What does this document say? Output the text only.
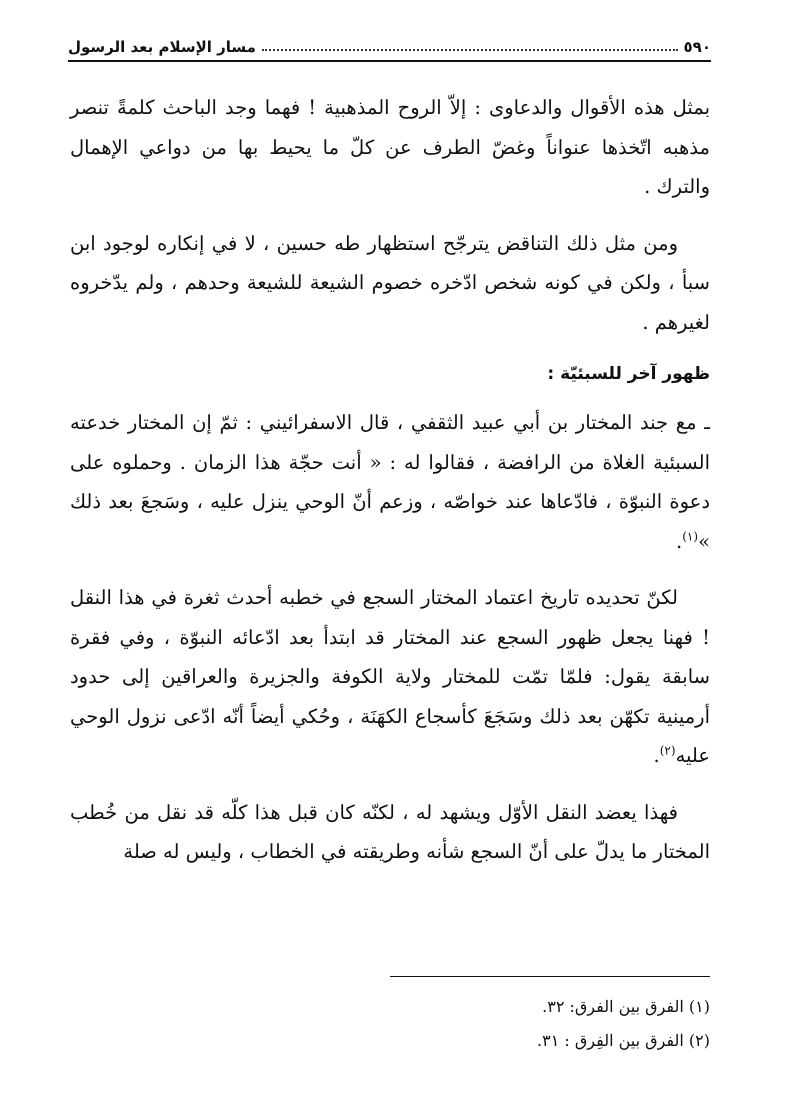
٥٩٠
مسار الإسلام بعد الرسول

بمثل هذه الأقوال والدعاوى : إلاّ الروح المذهبية ! فهما وجد الباحث كلمةً تنصر مذهبه اتّخذها عنواناً وغضّ الطرف عن كلّ ما يحيط بها من دواعي الإهمال والترك .

ومن مثل ذلك التناقض يترجّح استظهار طه حسين ، لا في إنكاره لوجود ابن سبأ ، ولكن في كونه شخص ادّخره خصوم الشيعة للشيعة وحدهم ، ولم يدّخروه لغيرهم .

ظهور آخر للسبئيّة :

ـ مع جند المختار بن أبي عبيد الثقفي ، قال الاسفرائيني : ثمّ إن المختار خدعته السبئية الغلاة من الرافضة ، فقالوا له : « أنت حجّة هذا الزمان . وحملوه على دعوة النبوّة ، فادّعاها عند خواصّه ، وزعم أنّ الوحي ينزل عليه ، وسَجعَ بعد ذلك »$^{(١)}$.

لكنّ تحديده تاريخ اعتماد المختار السجع في خطبه أحدث ثغرة في هذا النقل ! فهنا يجعل ظهور السجع عند المختار قد ابتدأ بعد ادّعائه النبوّة ، وفي فقرة سابقة يقول: فلمّا تمّت للمختار ولاية الكوفة والجزيرة والعراقين إلى حدود أرمينية تكهّن بعد ذلك وسَجَعَ كأسجاع الكهَنَة ، وحُكي أيضاً أنّه ادّعى نزول الوحي عليه$^{(٢)}$.

فهذا يعضد النقل الأوّل ويشهد له ، لكنّه كان قبل هذا كلّه قد نقل من خُطب المختار ما يدلّ على أنّ السجع شأنه وطريقته في الخطاب ، وليس له صلة

(١) الفرق بين الفرق: ٣٢.

(٢) الفرق بين الفِرق : ٣١.
